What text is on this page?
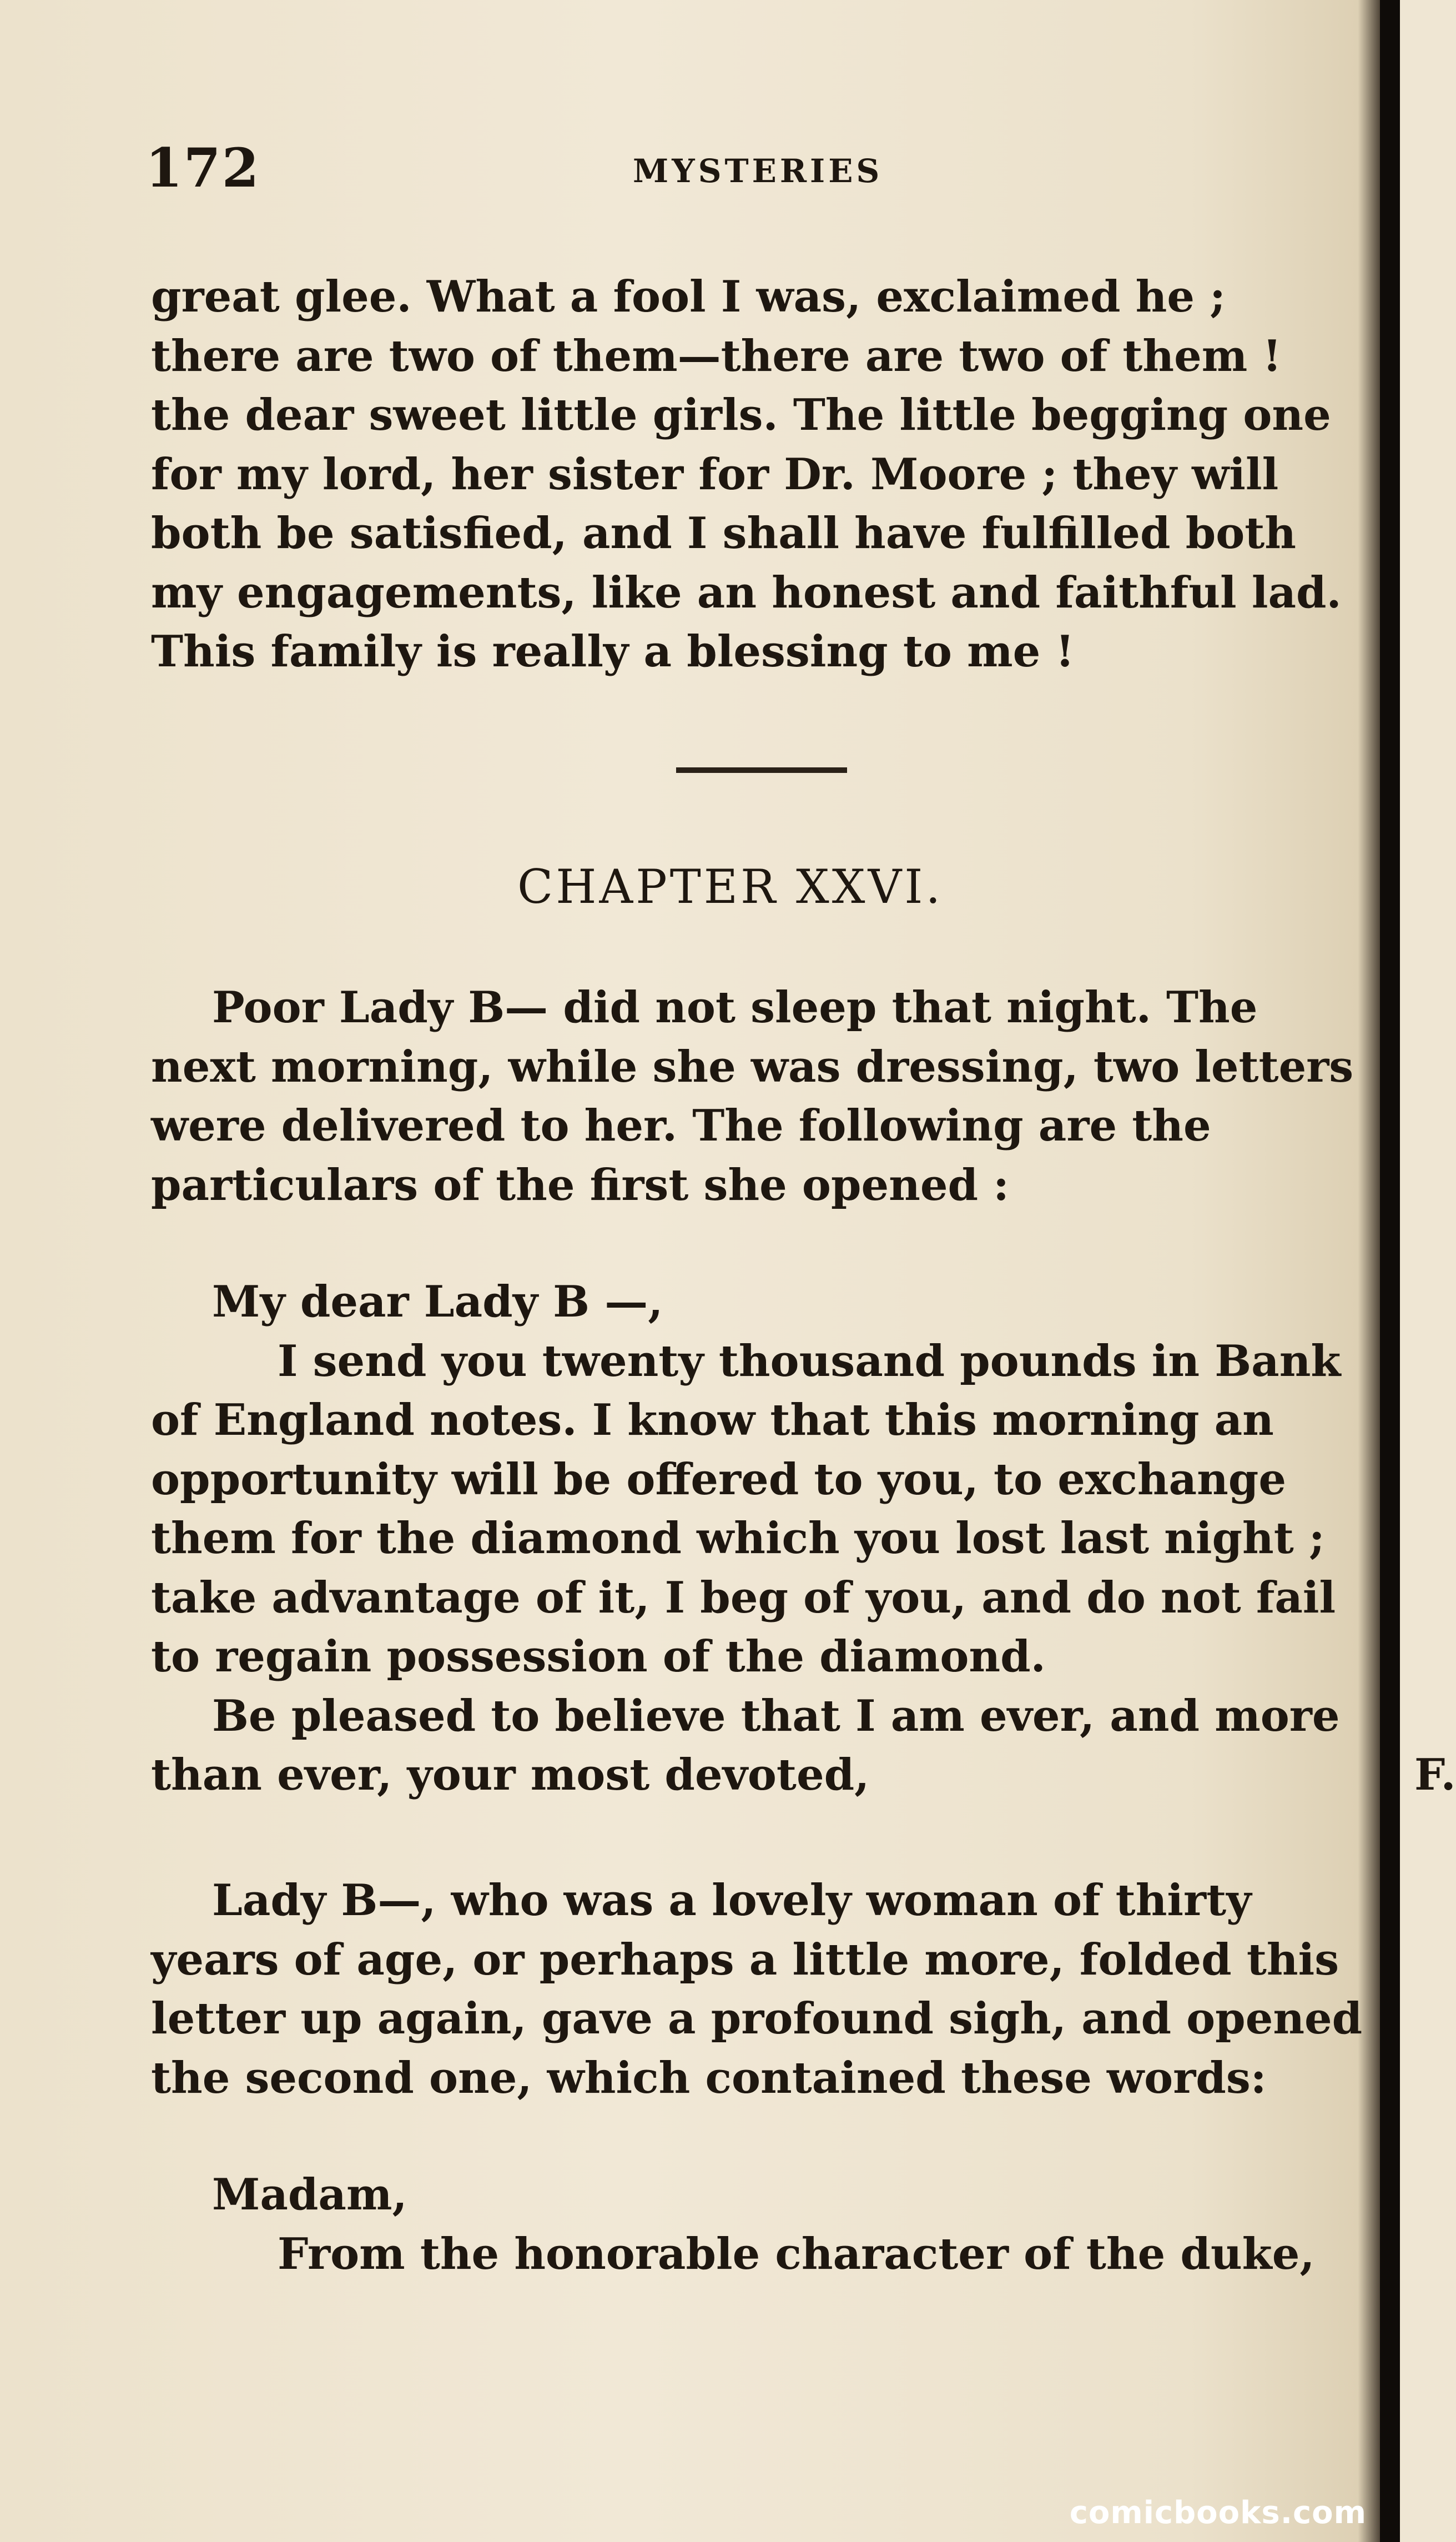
172	MYSTERIES

great glee. What a fool I was, exclaimed he ;

there are two of them—there are two of them !

the dear sweet little girls. The little begging one

for my lord, her sister for Dr. Moore ; they will

both be satisfied, and I shall have fulfilled both

my engagements, like an honest and faithful lad.

This family is really a blessing to me !

CHAPTER XXVI.

Poor Lady B— did not sleep that night. The

next morning, while she was dressing, two letters

were delivered to her. The following are the

particulars of the first she opened :

My dear Lady B —,

I send you twenty thousand pounds in Bank

of England notes. I know that this morning an

opportunity will be offered to you, to exchange

them for the diamond which you lost last night ;

take advantage of it, I beg of you, and do not fail

to regain possession of the diamond.

Be pleased to believe that I am ever, and more

than ever, your most devoted,	F.

Lady B—, who was a lovely woman of thirty

years of age, or perhaps a little more, folded this

letter up again, gave a profound sigh, and opened

the second one, which contained these words:

Madam,

From the honorable character of the duke,

comicbooks.com
